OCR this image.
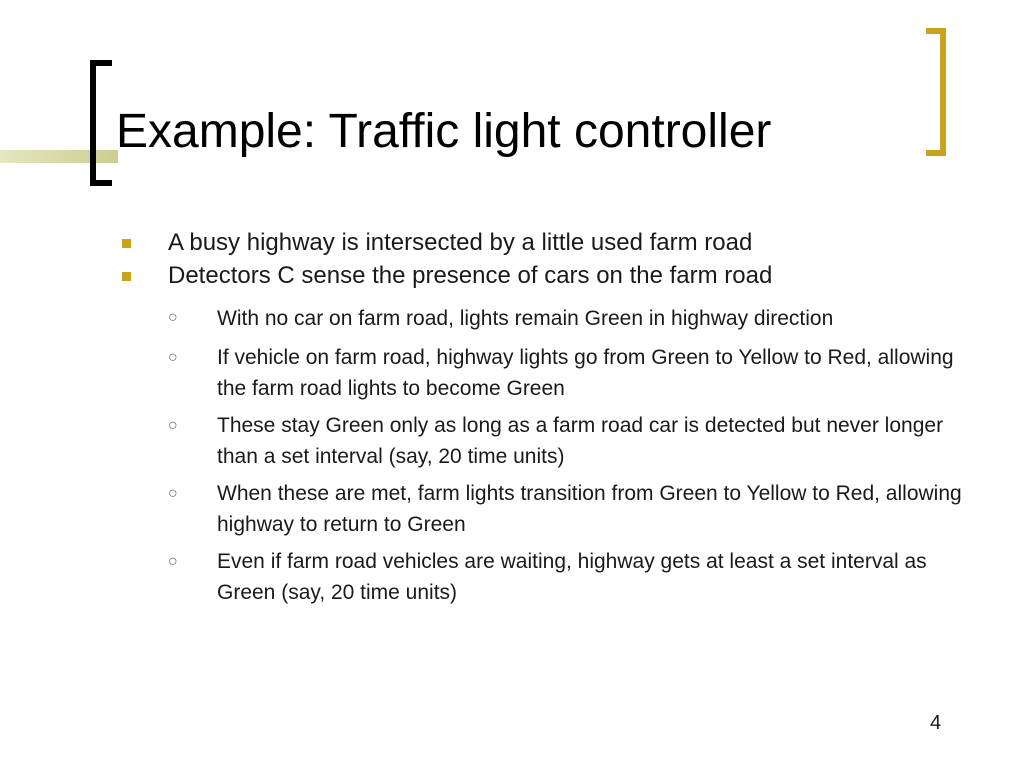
Example: Traffic light controller
A busy highway is intersected by a little used farm road
Detectors C sense the presence of cars on the farm road
○ With no car on farm road, lights remain Green in highway direction
○ If vehicle on farm road, highway lights go from Green to Yellow to Red, allowing the farm road lights to become Green
○ These stay Green only as long as a farm road car is detected but never longer than a set interval (say, 20 time units)
○ When these are met, farm lights transition from Green to Yellow to Red, allowing highway to return to Green
○ Even if farm road vehicles are waiting, highway gets at least a set interval as Green (say, 20 time units)
4
